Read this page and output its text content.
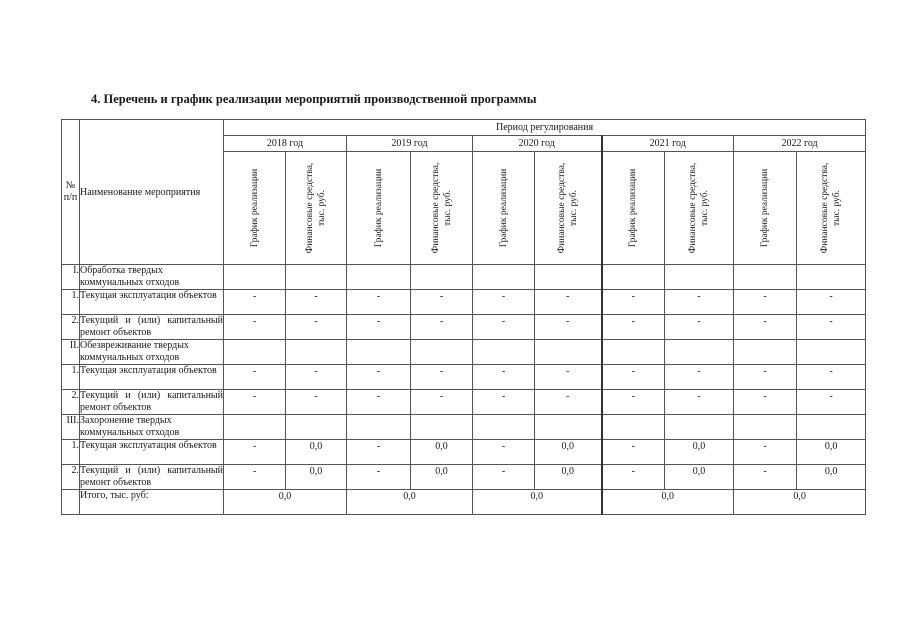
4. Перечень и график реализации мероприятий производственной программы
№
п/п	Наименование мероприятия	Период регулирования									
		2018 год		2019 год		2020 год		2021 год		2022 год	

		График реализации	Финансовые средства, тыс. руб.	График реализации	Финансовые средства, тыс. руб.	График реализации	Финансовые средства, тыс. руб.	График реализации	Финансовые средства, тыс. руб.	График реализации	Финансовые средства, тыс. руб.

I.	Обработка твердых коммунальных отходов										
1.	Текущая эксплуатация объектов	-	-	-	-	-	-	-	-	-	-
2.	Текущий и (или) капитальный ремонт объектов	-	-	-	-	-	-	-	-	-	-
II.	Обезвреживание твердых коммунальных отходов										
1.	Текущая эксплуатация объектов	-	-	-	-	-	-	-	-	-	-
2.	Текущий и (или) капитальный ремонт объектов	-	-	-	-	-	-	-	-	-	-
III.	Захоронение твердых коммунальных отходов										
1.	Текущая эксплуатация объектов	-	0,0	-	0,0	-	0,0	-	0,0	-	0,0
2.	Текущий и (или) капитальный ремонт объектов	-	0,0	-	0,0	-	0,0	-	0,0	-	0,0
	Итого, тыс. руб:	0,0		0,0		0,0		0,0		0,0	
